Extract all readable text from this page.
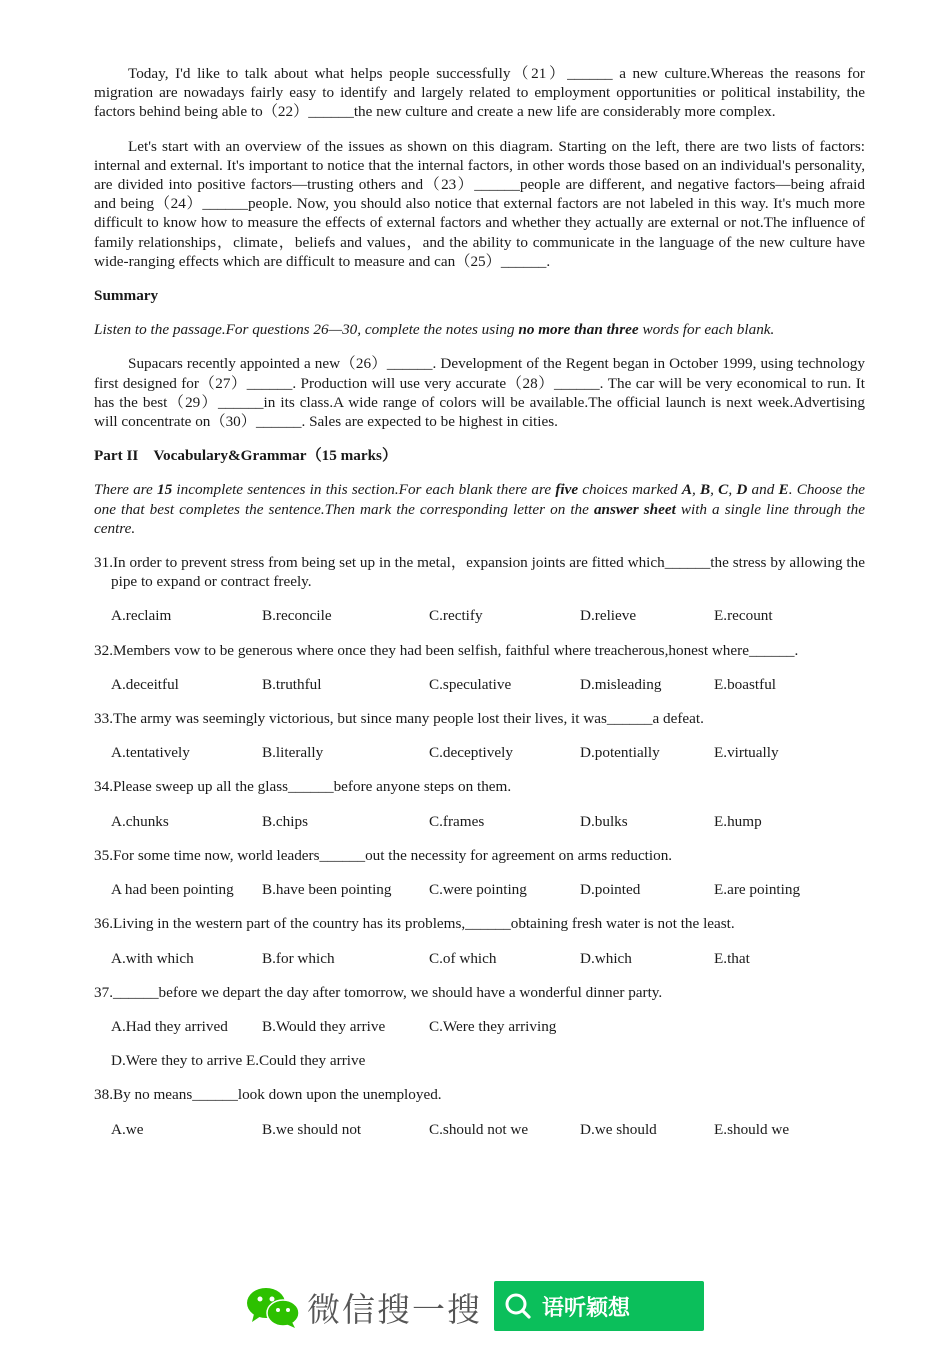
Today, I'd like to talk about what helps people successfully（21）______ a new culture.Whereas the reasons for migration are nowadays fairly easy to identify and largely related to employment opportunities or political instability, the factors behind being able to（22）______the new culture and create a new life are considerably more complex.

Let's start with an overview of the issues as shown on this diagram. Starting on the left, there are two lists of factors: internal and external. It's important to notice that the internal factors, in other words those based on an individual's personality, are divided into positive factors—trusting others and（23）______people are different, and negative factors—being afraid and being（24）______people. Now, you should also notice that external factors are not labeled in this way. It's much more difficult to know how to measure the effects of external factors and whether they actually are external or not.The influence of family relationships，climate，beliefs and values，and the ability to communicate in the language of the new culture have wide-ranging effects which are difficult to measure and can（25）______.

Summary
Listen to the passage.For questions 26—30, complete the notes using no more than three words for each blank.

Supacars recently appointed a new（26）______. Development of the Regent began in October 1999, using technology first designed for（27）______. Production will use very accurate（28）______. The car will be very economical to run. It has the best（29）______in its class.A wide range of colors will be available.The official launch is next week.Advertising will concentrate on（30）______. Sales are expected to be highest in cities.

Part II　Vocabulary&Grammar（15 marks）
There are 15 incomplete sentences in this section.For each blank there are five choices marked A, B, C, D and E. Choose the one that best completes the sentence.Then mark the corresponding letter on the answer sheet with a single line through the centre.
31.In order to prevent stress from being set up in the metal，expansion joints are fitted which______the stress by allowing the pipe to expand or contract freely.
A.reclaim	B.reconcile	C.rectify	D.relieve	E.recount
32.Members vow to be generous where once they had been selfish, faithful where treacherous,honest where______.
A.deceitful	B.truthful	C.speculative	D.misleading	E.boastful
33.The army was seemingly victorious, but since many people lost their lives, it was______a defeat.
A.tentatively	B.literally	C.deceptively	D.potentially	E.virtually
34.Please sweep up all the glass______before anyone steps on them.
A.chunks	B.chips	C.frames	D.bulks	E.hump
35.For some time now, world leaders______out the necessity for agreement on arms reduction.
A had been pointing	B.have been pointing	C.were pointing	D.pointed	E.are pointing
36.Living in the western part of the country has its problems,______obtaining fresh water is not the least.
A.with which	B.for which	C.of which	D.which	E.that
37.______before we depart the day after tomorrow, we should have a wonderful dinner party.
A.Had they arrived	B.Would they arrive	C.Were they arriving
D.Were they to arrive E.Could they arrive
38.By no means______look down upon the unemployed.
A.we	B.we should not	C.should not we	D.we should	E.should we
微信搜一搜	语听颖想
